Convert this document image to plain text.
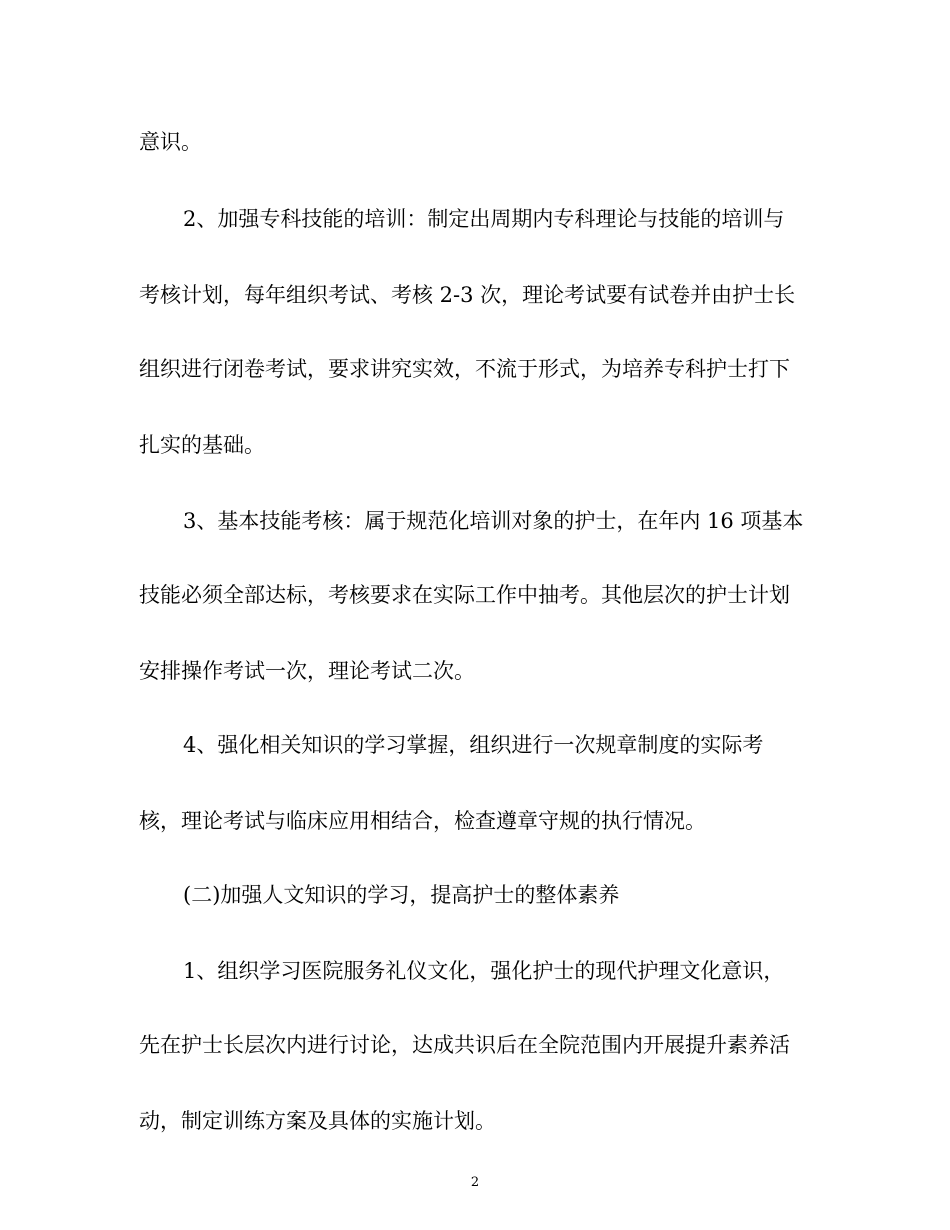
意识。
2、加强专科技能的培训：制定出周期内专科理论与技能的培训与
考核计划，每年组织考试、考核 2-3 次，理论考试要有试卷并由护士长
组织进行闭卷考试，要求讲究实效，不流于形式，为培养专科护士打下
扎实的基础。
3、基本技能考核：属于规范化培训对象的护士，在年内 16 项基本
技能必须全部达标，考核要求在实际工作中抽考。其他层次的护士计划
安排操作考试一次，理论考试二次。
4、强化相关知识的学习掌握，组织进行一次规章制度的实际考
核，理论考试与临床应用相结合，检查遵章守规的执行情况。
(二)加强人文知识的学习，提高护士的整体素养
1、组织学习医院服务礼仪文化，强化护士的现代护理文化意识，
先在护士长层次内进行讨论，达成共识后在全院范围内开展提升素养活
动，制定训练方案及具体的实施计划。
2
